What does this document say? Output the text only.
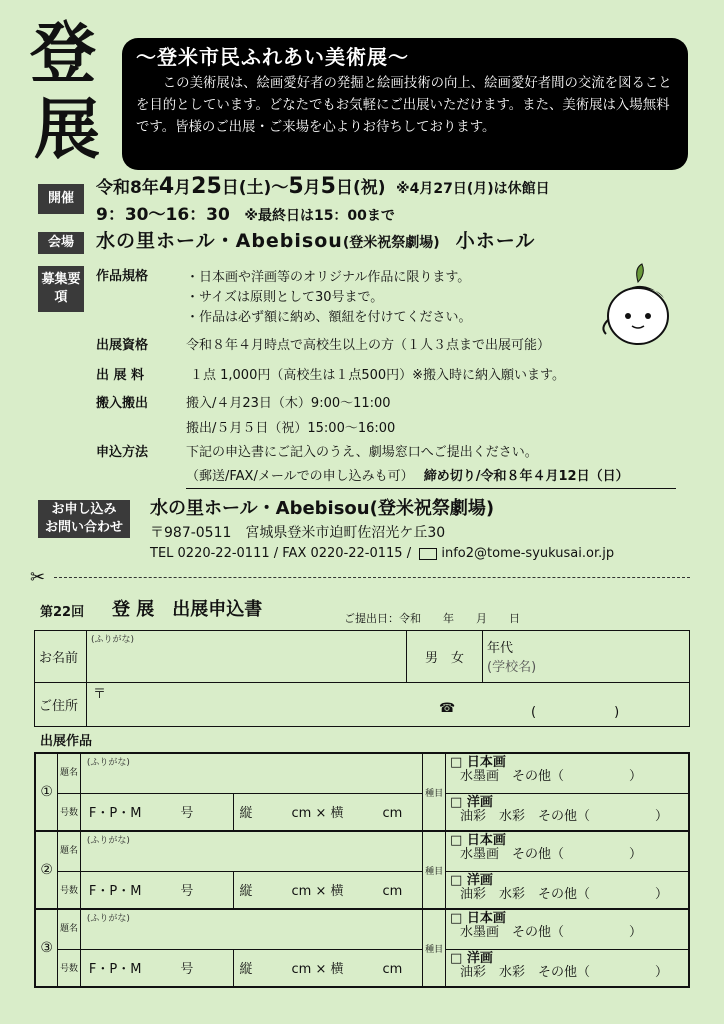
登
展
～登米市民ふれあい美術展～
この美術展は、絵画愛好者の発掘と絵画技術の向上、絵画愛好者間の交流を図ることを目的としています。どなたでもお気軽にご出展いただけます。また、美術展は入場無料です。皆様のご出展・ご来場を心よりお待ちしております。
開催
令和8年4月25日(土)～5月5日(祝) ※4月27日(月)は休館日
9：30～16：30 ※最終日は15：00まで
会場	水の里ホール・Abebisou(登米祝祭劇場) 小ホール
募集要項
作品規格	・日本画や洋画等のオリジナル作品に限ります。
・サイズは原則として30号まで。
・作品は必ず額に納め、額紐を付けてください。
出展資格	令和８年４月時点で高校生以上の方（１人３点まで出展可能）
出 展 料	１点 1,000円（高校生は１点500円）※搬入時に納入願います。
搬入搬出	搬入/４月23日（木）9:00～11:00
搬出/５月５日（祝）15:00～16:00
申込方法	下記の申込書にご記入のうえ、劇場窓口へご提出ください。
（郵送/FAX/メールでの申し込みも可） 締め切り/令和８年４月12日（日）
お申し込み
お問い合わせ
水の里ホール・Abebisou(登米祝祭劇場)
〒987-0511　宮城県登米市迫町佐沼光ケ丘30
TEL 0220-22-0111 / FAX 0220-22-0115 / info2@tome-syukusai.or.jp
✂
第22回 登 展　出展申込書	ご提出日：令和　　年　　月　　日
お名前	(ふりがな)	男　女	年代
(学校名)

ご住所	〒
☎ (　　　　　　)		
出展作品
①	題名	(ふりがな)		種目	□ 日本画
水墨画　その他（　　　　　）

	号数	F・P・M　　　号	縦　　　cm × 横　　　cm		□ 洋画
油彩　水彩　その他（　　　　　）

②	題名	(ふりがな)		種目	□ 日本画
水墨画　その他（　　　　　）

	号数	F・P・M　　　号	縦　　　cm × 横　　　cm		□ 洋画
油彩　水彩　その他（　　　　　）

③	題名	(ふりがな)		種目	□ 日本画
水墨画　その他（　　　　　）

	号数	F・P・M　　　号	縦　　　cm × 横　　　cm		□ 洋画
油彩　水彩　その他（　　　　　）
